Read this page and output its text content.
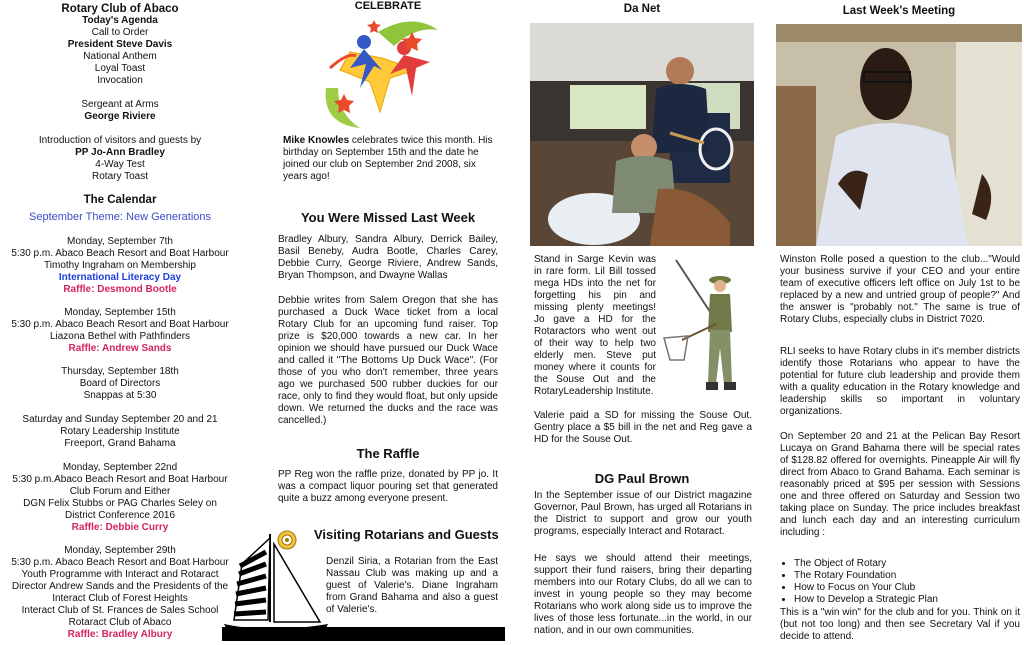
Rotary Club of Abaco
Today's Agenda
Call to Order
President Steve Davis
National Anthem
Loyal Toast
Invocation
Sergeant at Arms
George Riviere
Introduction of visitors and guests by
PP Jo-Ann Bradley
4-Way Test
Rotary Toast
The Calendar
September Theme: New Generations
Monday, September 7th
5:30 p.m. Abaco Beach Resort and Boat Harbour
Timothy Ingraham on Membership
International Literacy Day
Raffle: Desmond Bootle
Monday, September 15th
5:30 p.m. Abaco Beach Resort and Boat Harbour
Liazona Bethel with Pathfinders
Raffle: Andrew Sands
Thursday, September 18th
Board of Directors
Snappas at 5:30
Saturday and Sunday September 20 and 21
Rotary Leadership Institute
Freeport, Grand Bahama
Monday, September 22nd
5:30 p.m.Abaco Beach Resort and Boat Harbour
Club Forum and Either
DGN Felix Stubbs or PAG Charles Seley on
District Conference 2016
Raffle: Debbie Curry
Monday, September 29th
5:30 p.m. Abaco Beach Resort and Boat Harbour
Youth Programme with Interact and Rotaract
Director Andrew Sands and the Presidents of the
Interact Club of Forest Heights
Interact Club of St. Frances de Sales School
Rotaract Club of Abaco
Raffle: Bradley Albury
CELEBRATE
Mike Knowles celebrates twice this month. His birthday on September 15th and the date he joined our club on September 2nd 2008, six years ago!
You Were Missed Last Week
Bradley Albury, Sandra Albury, Derrick Bailey, Basil Beneby, Audra Bootle, Charles Carey, Debbie Curry, George Riviere, Andrew Sands, Bryan Thompson, and Dwayne Wallas
Debbie writes from Salem Oregon that she has purchased a Duck Wace ticket from a local Rotary Club for an upcoming fund raiser. Top prize is $20,000 towards a new car. In her opinion we should have pursued our Duck Wace and called it "The Bottoms Up Duck Wace". (For those of you who don't remember, three years ago we purchased 500 rubber duckies for our race, only to find they would float, but only upside down. We returned the ducks and the race was cancelled.)
The Raffle
PP Reg won the raffle prize, donated by PP jo. It was a compact liquor pouring set that generated quite a buzz among everyone present.
Visiting Rotarians and Guests
Denzil Siria, a Rotarian from the East Nassau Club was making up and a guest of Valerie's. Diane Ingraham from Grand Bahama and also a guest of Valerie's.
Da Net
Stand in Sarge Kevin was in rare form. Lil Bill tossed mega HDs into the net for forgetting his pin and missing plenty meetings! Jo gave a HD for the Rotaractors who went out of their way to help two elderly men. Steve put money where it counts for the Souse Out and the RotaryLeadership Institute.
Valerie paid a SD for missing the Souse Out. Gentry place a $5 bill in the net and Reg gave a HD for the Souse Out.
DG Paul Brown
In the September issue of our District magazine Governor, Paul Brown, has urged all Rotarians in the District to support and grow our youth programs, especially Interact and Rotaract.
He says we should attend their meetings, support their fund raisers, bring their departing members into our Rotary Clubs, do all we can to invest in young people so they may become Rotarians who work along side us to improve the lives of those less fortunate...in the world, in our nation, and in our own communities.
Last Week's Meeting
Winston Rolle posed a question to the club..."Would your business survive if your CEO and your entire team of executive officers left office on July 1st to be replaced by a new and untried group of people?" And the answer is "probably not." The same is true of Rotary Clubs, especially clubs in District 7020.
RLI seeks to have Rotary clubs in it's member districts identify those Rotarians who appear to have the potential for future club leadership and provide them with a quality education in the Rotary knowledge and leadership skills so important in voluntary organizations.
On September 20 and 21 at the Pelican Bay Resort Lucaya on Grand Bahama there will be special rates of $128.82 offered for overnights. Pineapple Air will fly direct from Abaco to Grand Bahama. Each seminar is reasonably priced at $95 per session with Sessions one and three offered on Saturday and Session two taking place on Sunday. The price includes breakfast and lunch each day and an interesting curriculum including :
• The Object of Rotary
• The Rotary Foundation
• How to Focus on Your Club
• How to Develop a Strategic Plan
This is a "win win" for the club and for you. Think on it (but not too long) and then see Secretary Val if you decide to attend.
